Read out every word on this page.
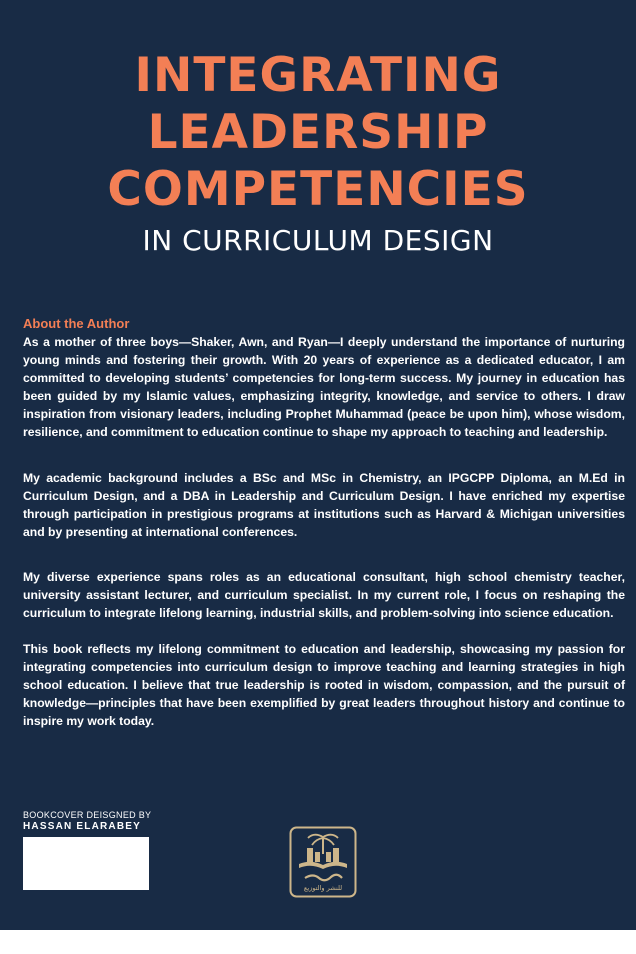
INTEGRATING
LEADERSHIP
COMPETENCIES
IN CURRICULUM DESIGN
About the Author

As a mother of three boys—Shaker, Awn, and Ryan—I deeply understand the importance of nurturing young minds and fostering their growth. With 20 years of experience as a dedicated educator, I am committed to developing students’ competencies for long-term success. My journey in education has been guided by my Islamic values, emphasizing integrity, knowledge, and service to others. I draw inspiration from visionary leaders, including Prophet Muhammad (peace be upon him), whose wisdom, resilience, and commitment to education continue to shape my approach to teaching and leadership.

My academic background includes a BSc and MSc in Chemistry, an IPGCPP Diploma, an M.Ed in Curriculum Design, and a DBA in Leadership and Curriculum Design. I have enriched my expertise through participation in prestigious programs at institutions such as Harvard & Michigan universities and by presenting at international conferences.

My diverse experience spans roles as an educational consultant, high school chemistry teacher, university assistant lecturer, and curriculum specialist. In my current role, I focus on reshaping the curriculum to integrate lifelong learning, industrial skills, and problem-solving into science education.

This book reflects my lifelong commitment to education and leadership, showcasing my passion for integrating competencies into curriculum design to improve teaching and learning strategies in high school education. I believe that true leadership is rooted in wisdom, compassion, and the pursuit of knowledge—principles that have been exemplified by great leaders throughout history and continue to inspire my work today.

BOOKCOVER DEISGNED BY
HASSAN ELARABEY
للنشر والتوزيع
